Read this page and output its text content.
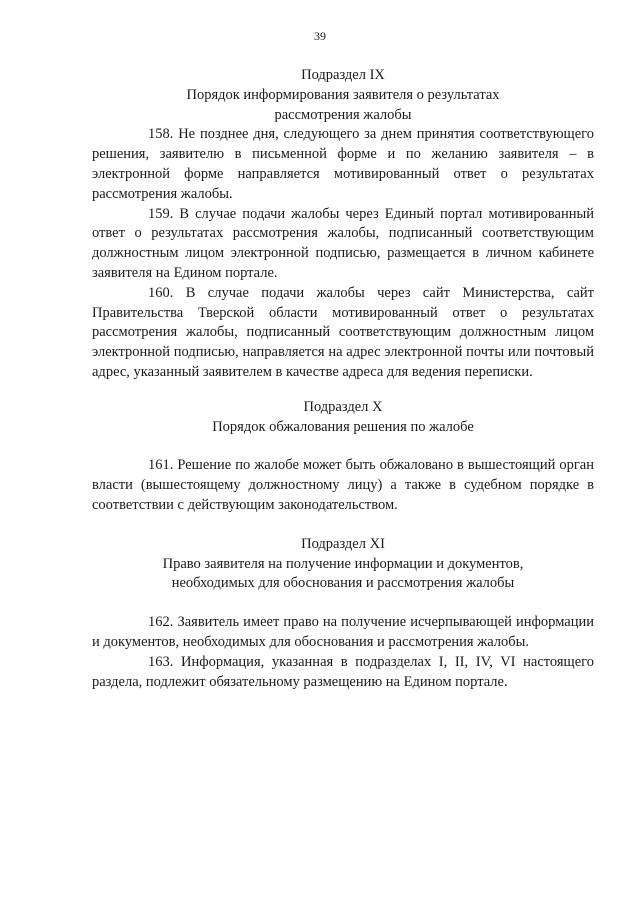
39
Подраздел IX
Порядок информирования заявителя о результатах
рассмотрения жалобы

158. Не позднее дня, следующего за днем принятия соответствующего решения, заявителю в письменной форме и по желанию заявителя – в электронной форме направляется мотивированный ответ о результатах рассмотрения жалобы.

159. В случае подачи жалобы через Единый портал мотивированный ответ о результатах рассмотрения жалобы, подписанный соответствующим должностным лицом электронной подписью, размещается в личном кабинете заявителя на Едином портале.

160. В случае подачи жалобы через сайт Министерства, сайт Правительства Тверской области мотивированный ответ о результатах рассмотрения жалобы, подписанный соответствующим должностным лицом электронной подписью, направляется на адрес электронной почты или почтовый адрес, указанный заявителем в качестве адреса для ведения переписки.

Подраздел X
Порядок обжалования решения по жалобе

161. Решение по жалобе может быть обжаловано в вышестоящий орган власти (вышестоящему должностному лицу) а также в судебном порядке в соответствии с действующим законодательством.

Подраздел XI
Право заявителя на получение информации и документов,
необходимых для обоснования и рассмотрения жалобы

162. Заявитель имеет право на получение исчерпывающей информации и документов, необходимых для обоснования и рассмотрения жалобы.

163. Информация, указанная в подразделах I, II, IV, VI настоящего раздела, подлежит обязательному размещению на Едином портале.
